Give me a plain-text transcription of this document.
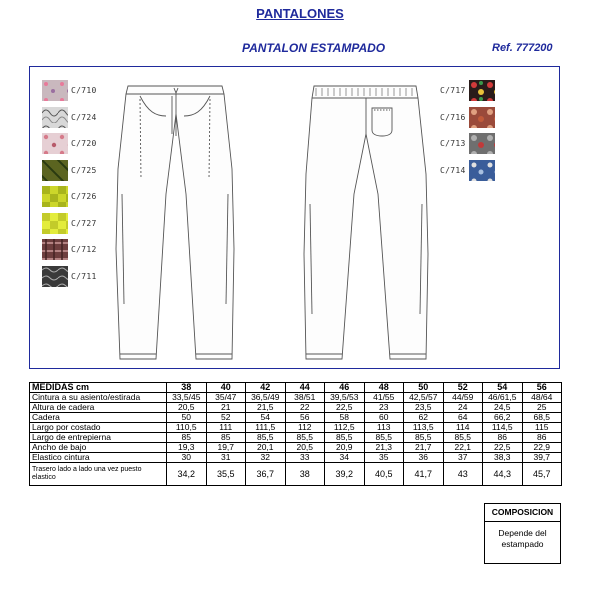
PANTALONES
PANTALON ESTAMPADO	Ref. 777200
C/710
C/724
C/720
C/725
C/726
C/727
C/712
C/711
C/717
C/716
C/713
C/714
MEDIDAS cm	38	40	42	44	46	48	50	52	54	56
Cintura a su asiento/estirada	33,5/45	35/47	36,5/49	38/51	39,5/53	41/55	42,5/57	44/59	46/61,5	48/64
Altura de cadera	20,5	21	21,5	22	22,5	23	23,5	24	24,5	25
Cadera	50	52	54	56	58	60	62	64	66,2	68,5
Largo por costado	110,5	111	111,5	112	112,5	113	113,5	114	114,5	115
Largo de entrepierna	85	85	85,5	85,5	85,5	85,5	85,5	85,5	86	86
Ancho de bajo	19,3	19,7	20,1	20,5	20,9	21,3	21,7	22,1	22,5	22,9
Elastico cintura	30	31	32	33	34	35	36	37	38,3	39,7
Trasero lado a lado una vez puesto elastico	34,2	35,5	36,7	38	39,2	40,5	41,7	43	44,3	45,7
COMPOSICION
Depende del estampado
